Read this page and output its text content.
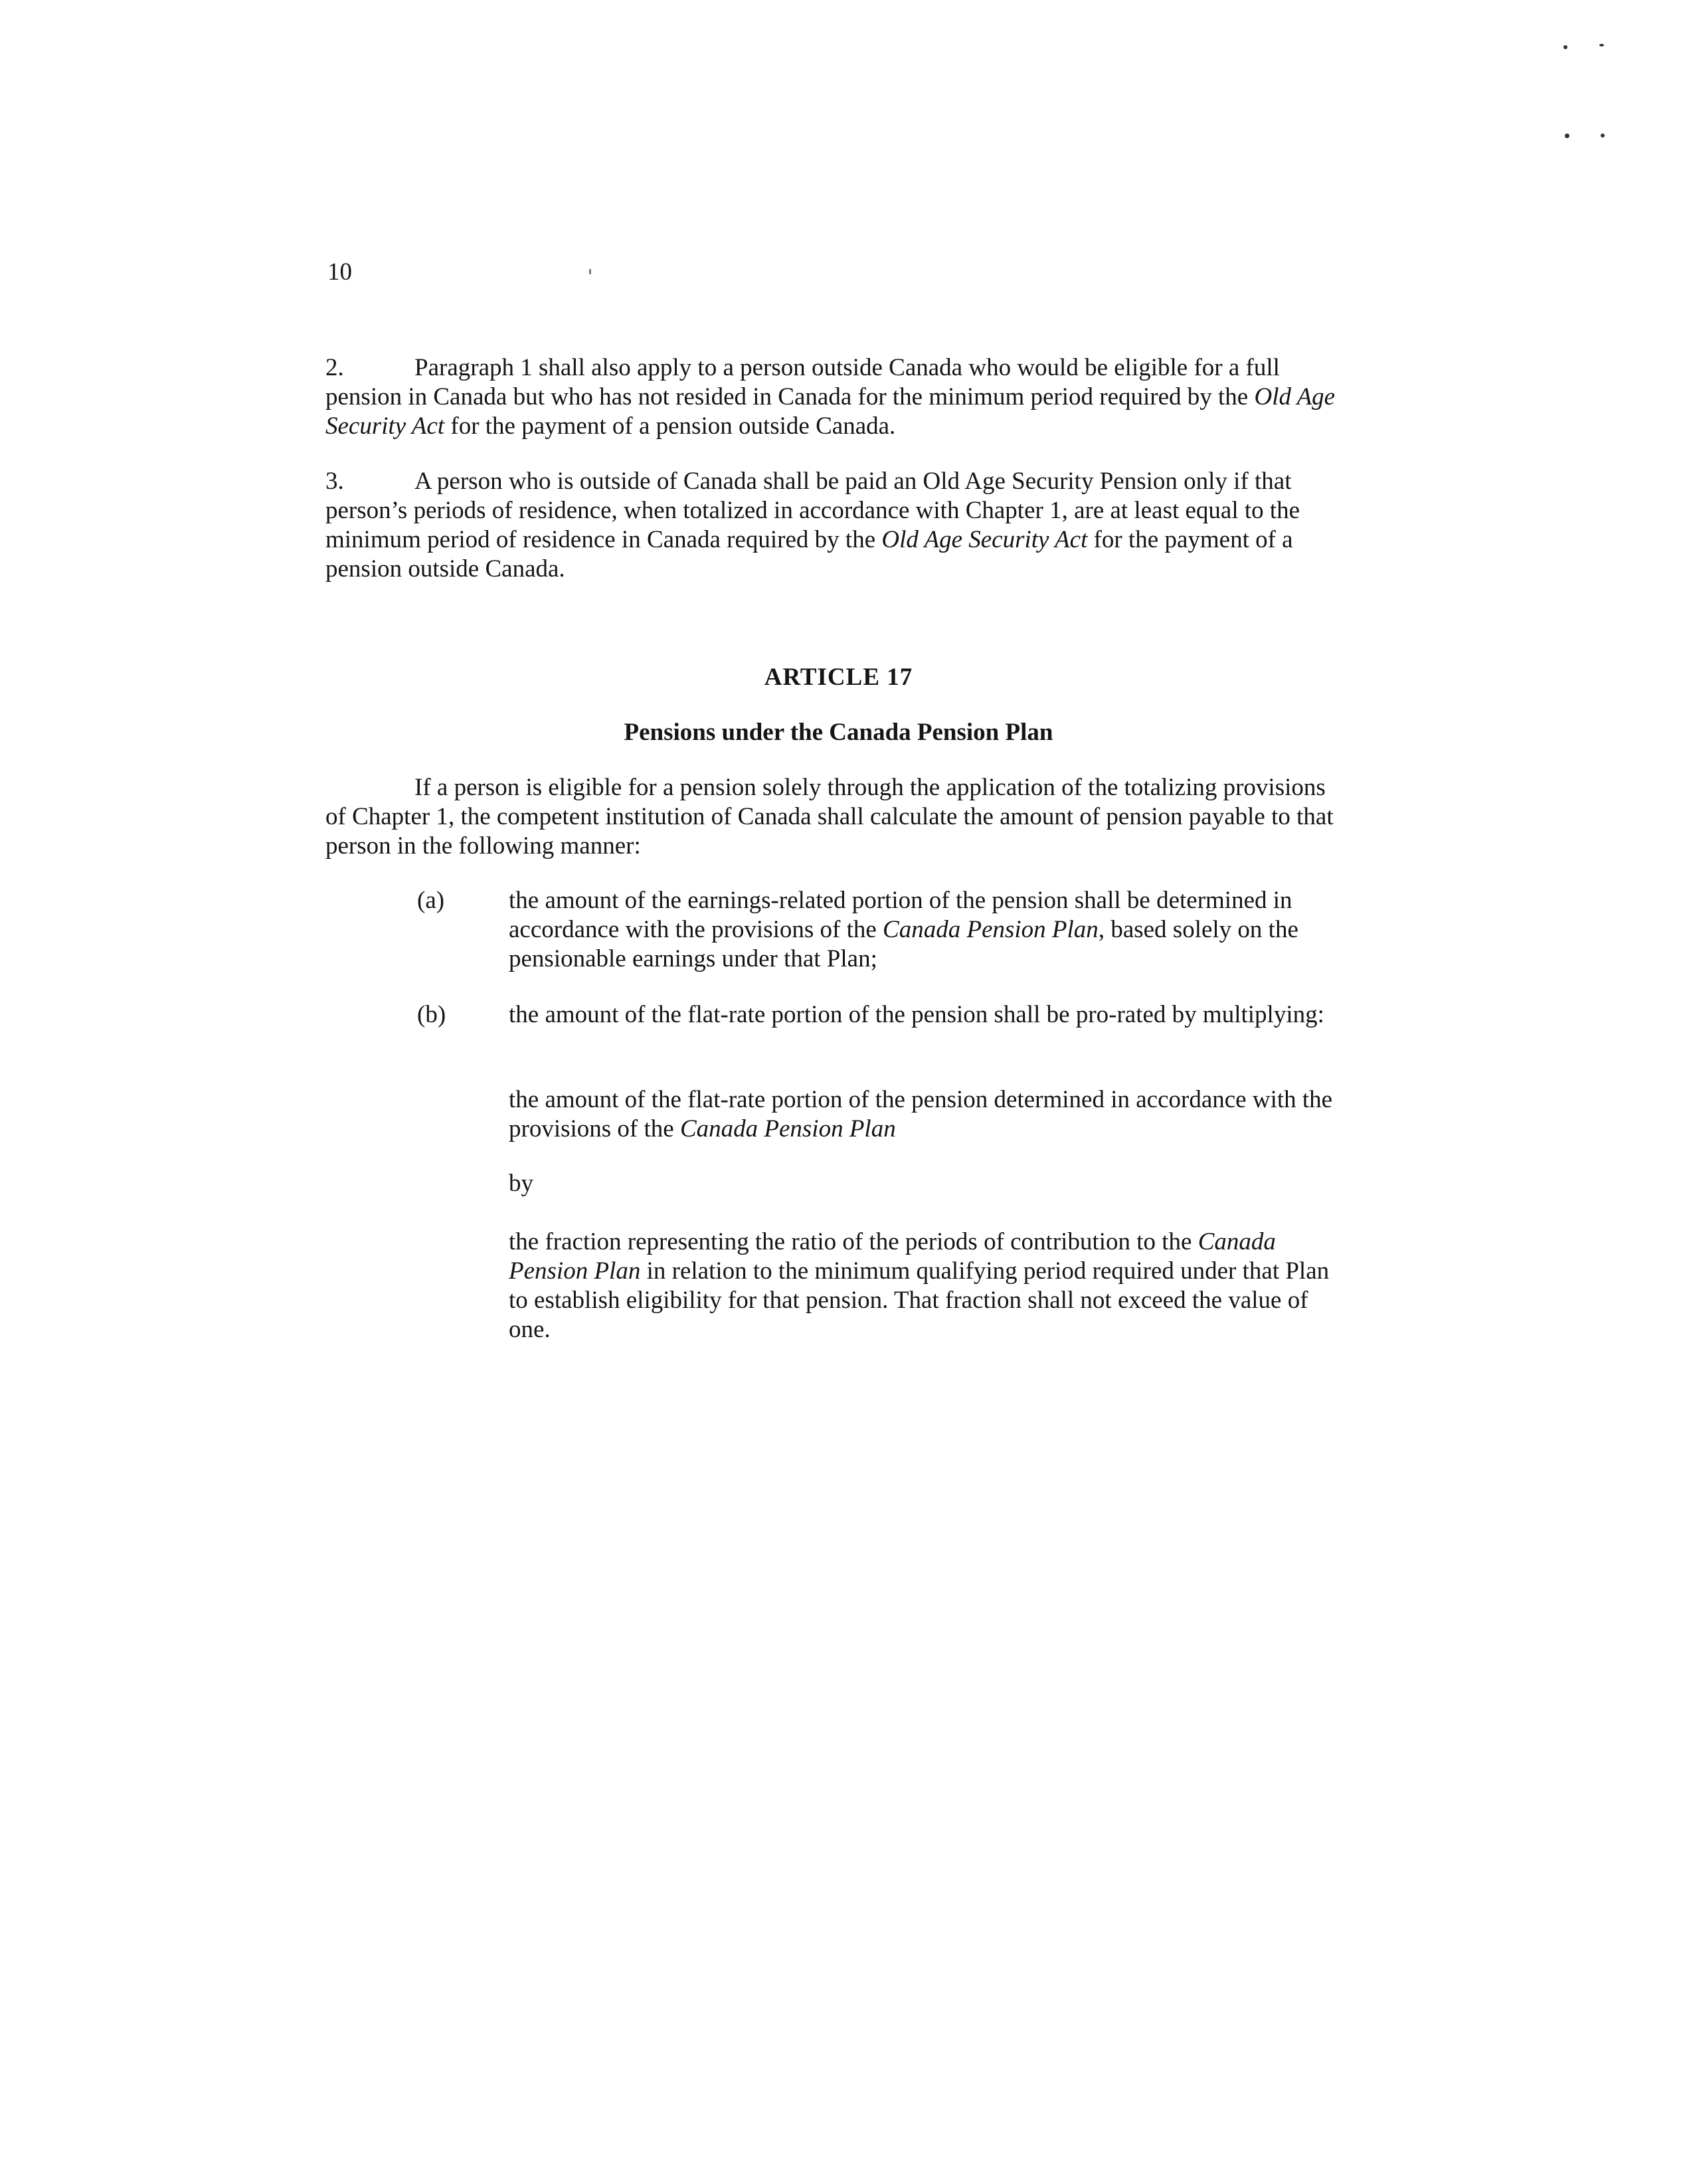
10
2.	Paragraph 1 shall also apply to a person outside Canada who would be eligible for a full pension in Canada but who has not resided in Canada for the minimum period required by the Old Age Security Act for the payment of a pension outside Canada.
3.	A person who is outside of Canada shall be paid an Old Age Security Pension only if that person’s periods of residence, when totalized in accordance with Chapter 1, are at least equal to the minimum period of residence in Canada required by the Old Age Security Act for the payment of a pension outside Canada.
ARTICLE 17
Pensions under the Canada Pension Plan
If a person is eligible for a pension solely through the application of the totalizing provisions of Chapter 1, the competent institution of Canada shall calculate the amount of pension payable to that person in the following manner:
(a)	the amount of the earnings-related portion of the pension shall be determined in accordance with the provisions of the Canada Pension Plan, based solely on the pensionable earnings under that Plan;
(b)	the amount of the flat-rate portion of the pension shall be pro-rated by multiplying:
the amount of the flat-rate portion of the pension determined in accordance with the provisions of the Canada Pension Plan
by
the fraction representing the ratio of the periods of contribution to the Canada Pension Plan in relation to the minimum qualifying period required under that Plan to establish eligibility for that pension. That fraction shall not exceed the value of one.
